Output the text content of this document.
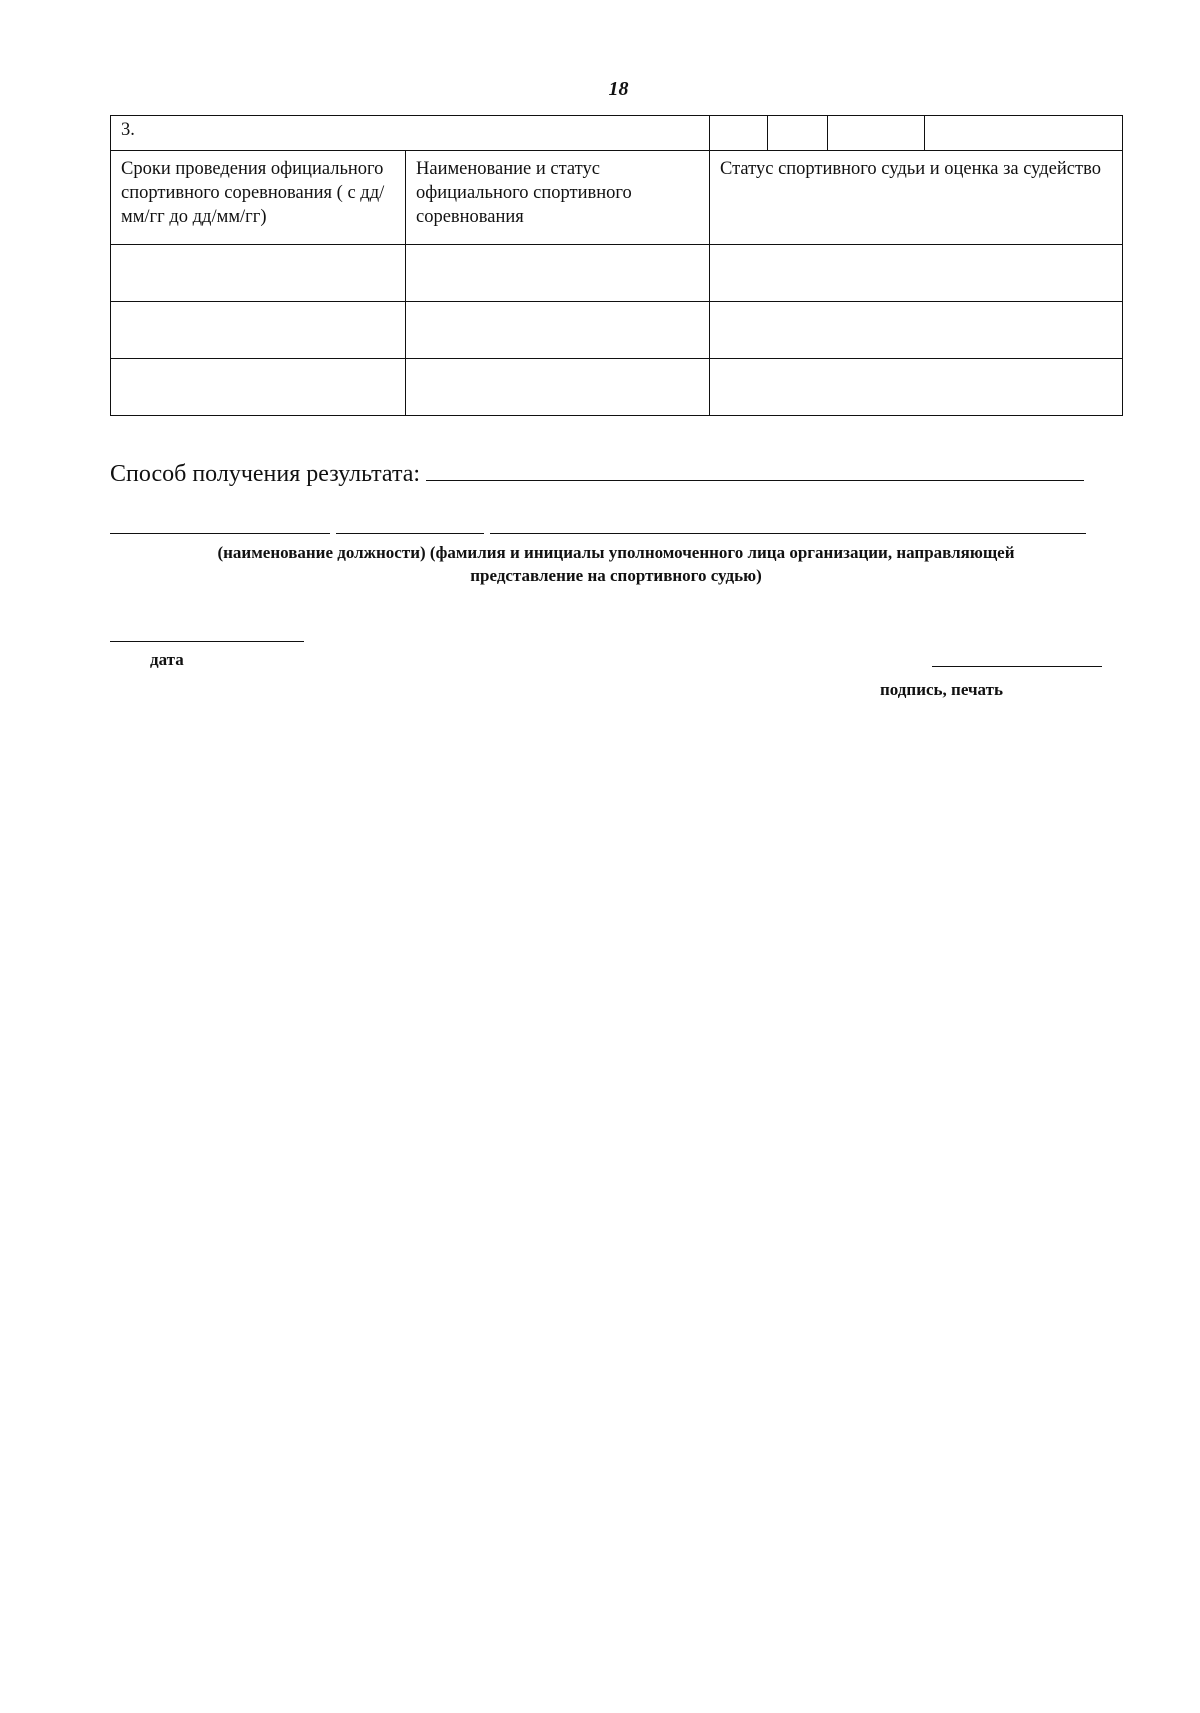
18
3.					
Сроки проведения официального спортивного соревнования ( с дд/мм/гг до дд/мм/гг)	Наименование и статус официального спортивного соревнования	Статус спортивного судьи и оценка за судейство			

Способ получения результата:
(наименование должности) (фамилия и инициалы уполномоченного лица организации, направляющей
представление на спортивного судью)
дата
подпись, печать
